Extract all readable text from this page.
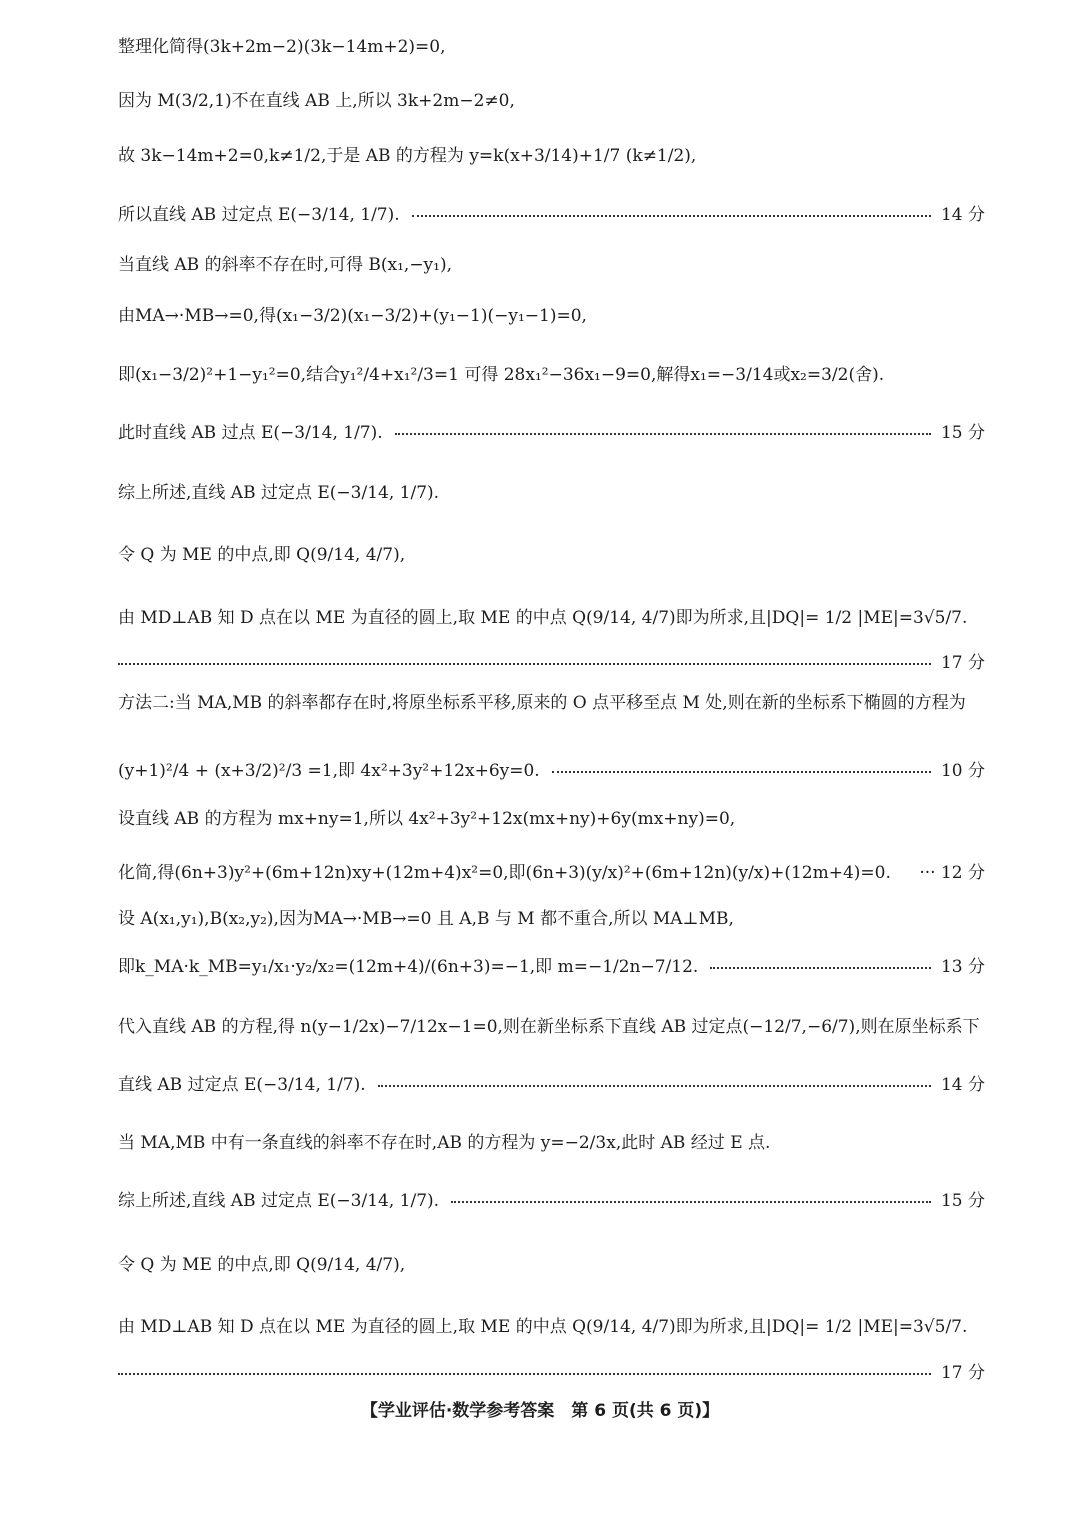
整理化简得(3k+2m−2)(3k−14m+2)=0,
因为 M(3/2,1)不在直线 AB 上,所以 3k+2m−2≠0,
故 3k−14m+2=0,k≠1/2,于是 AB 的方程为 y=k(x+3/14)+1/7 (k≠1/2),
所以直线 AB 过定点 E(−3/14, 1/7).	14 分
当直线 AB 的斜率不存在时,可得 B(x₁,−y₁),
由MA→·MB→=0,得(x₁−3/2)(x₁−3/2)+(y₁−1)(−y₁−1)=0,
即(x₁−3/2)²+1−y₁²=0,结合y₁²/4+x₁²/3=1 可得 28x₁²−36x₁−9=0,解得x₁=−3/14或x₂=3/2(舍).
此时直线 AB 过点 E(−3/14, 1/7).	15 分
综上所述,直线 AB 过定点 E(−3/14, 1/7).
令 Q 为 ME 的中点,即 Q(9/14, 4/7),
由 MD⊥AB 知 D 点在以 ME 为直径的圆上,取 ME 的中点 Q(9/14, 4/7)即为所求,且|DQ|= 1/2 |ME|=3√5/7.
17 分
方法二:当 MA,MB 的斜率都存在时,将原坐标系平移,原来的 O 点平移至点 M 处,则在新的坐标系下椭圆的方程为
(y+1)²/4 + (x+3/2)²/3 =1,即 4x²+3y²+12x+6y=0.	10 分
设直线 AB 的方程为 mx+ny=1,所以 4x²+3y²+12x(mx+ny)+6y(mx+ny)=0,
化简,得(6n+3)y²+(6m+12n)xy+(12m+4)x²=0,即(6n+3)(y/x)²+(6m+12n)(y/x)+(12m+4)=0. ··· 12 分
设 A(x₁,y₁),B(x₂,y₂),因为MA→·MB→=0 且 A,B 与 M 都不重合,所以 MA⊥MB,
即k_MA·k_MB=y₁/x₁·y₂/x₂=(12m+4)/(6n+3)=−1,即 m=−1/2n−7/12.	13 分
代入直线 AB 的方程,得 n(y−1/2x)−7/12x−1=0,则在新坐标系下直线 AB 过定点(−12/7,−6/7),则在原坐标系下
直线 AB 过定点 E(−3/14, 1/7).	14 分
当 MA,MB 中有一条直线的斜率不存在时,AB 的方程为 y=−2/3x,此时 AB 经过 E 点.
综上所述,直线 AB 过定点 E(−3/14, 1/7).	15 分
令 Q 为 ME 的中点,即 Q(9/14, 4/7),
由 MD⊥AB 知 D 点在以 ME 为直径的圆上,取 ME 的中点 Q(9/14, 4/7)即为所求,且|DQ|= 1/2 |ME|=3√5/7.
17 分
【学业评估·数学参考答案　第 6 页(共 6 页)】
